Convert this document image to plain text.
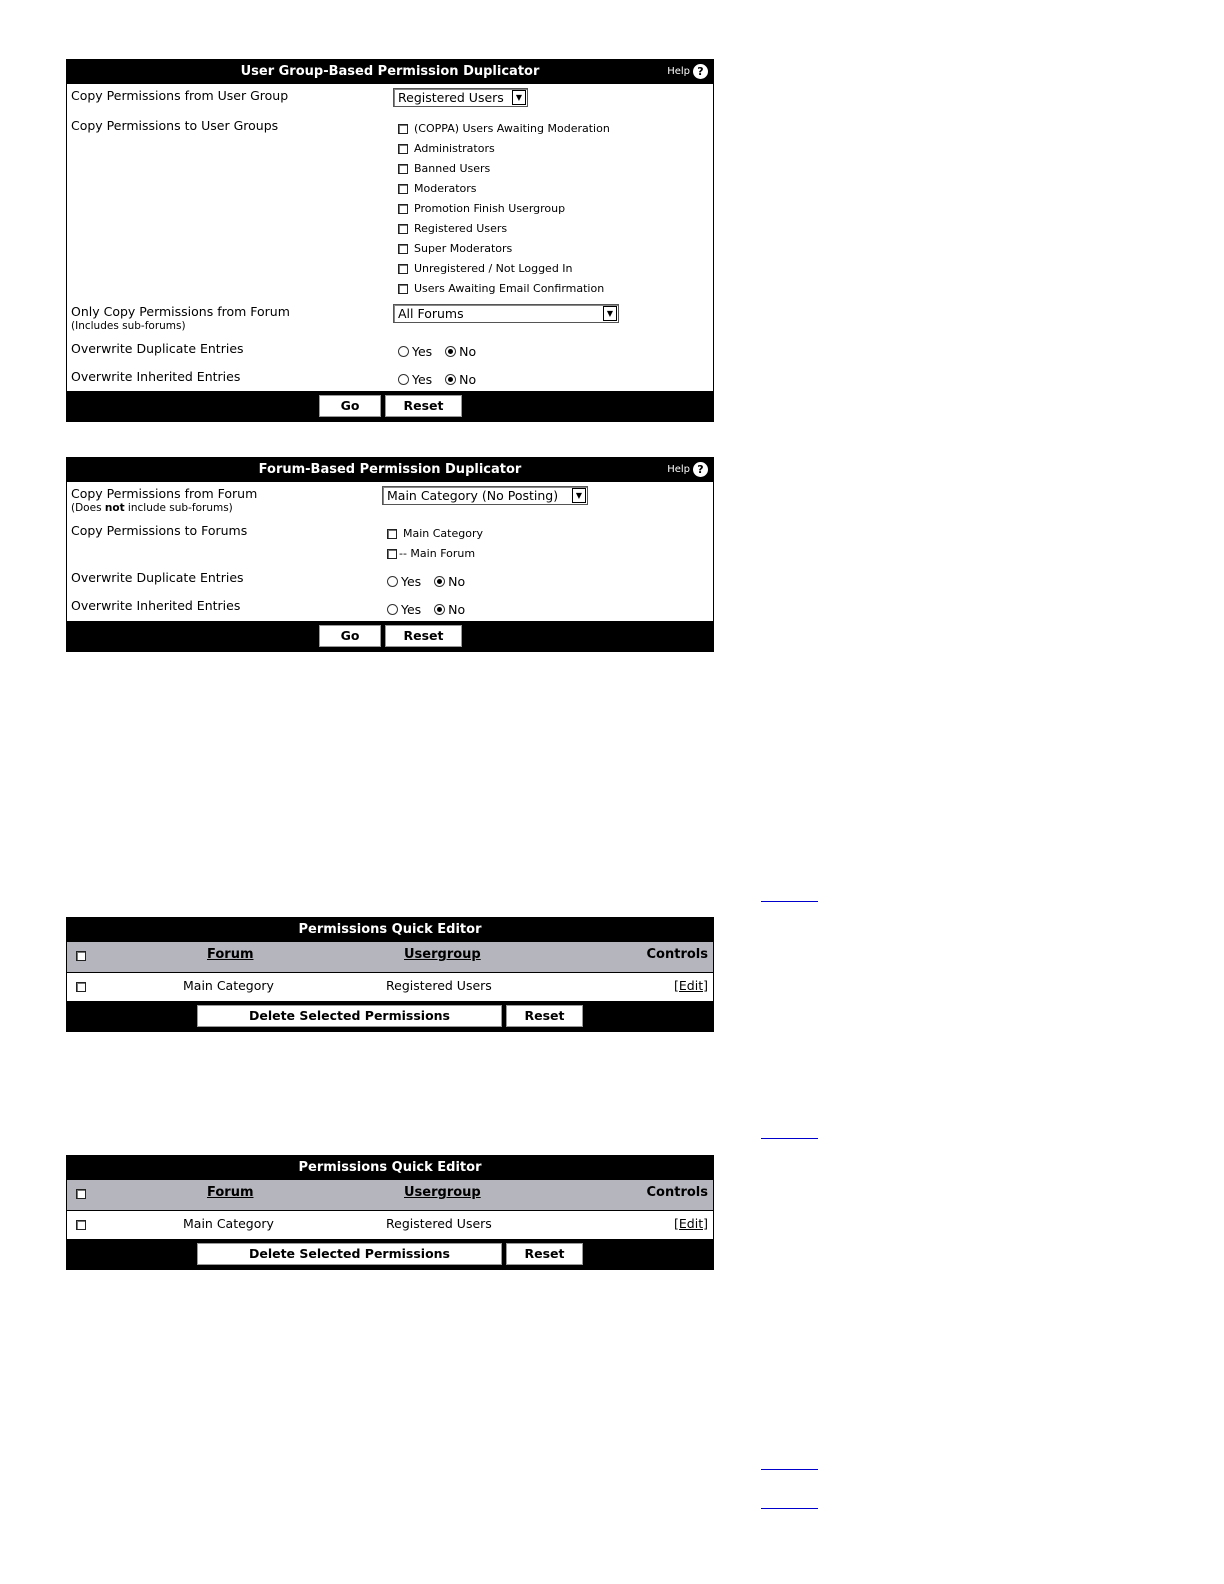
User Group-Based Permission Duplicator	Help ?
Copy Permissions from User Group	Registered Users	▼
Copy Permissions to User Groups	(COPPA) Users Awaiting Moderation
Administrators
Banned Users
Moderators
Promotion Finish Usergroup
Registered Users
Super Moderators
Unregistered / Not Logged In
Users Awaiting Email Confirmation
Only Copy Permissions from Forum
(Includes sub-forums)
All Forums	▼
Overwrite Duplicate Entries	Yes No
Overwrite Inherited Entries	Yes No
Go	Reset
Forum-Based Permission Duplicator	Help ?
Copy Permissions from Forum
(Does not include sub-forums)
Main Category (No Posting)	▼
Copy Permissions to Forums	Main Category
-- Main Forum
Overwrite Duplicate Entries	Yes No
Overwrite Inherited Entries	Yes No
Go	Reset
Permissions Quick Editor
Forum	Usergroup	Controls
Main Category	Registered Users	[Edit]
Delete Selected Permissions	Reset
Permissions Quick Editor
Forum	Usergroup	Controls
Main Category	Registered Users	[Edit]
Delete Selected Permissions	Reset
